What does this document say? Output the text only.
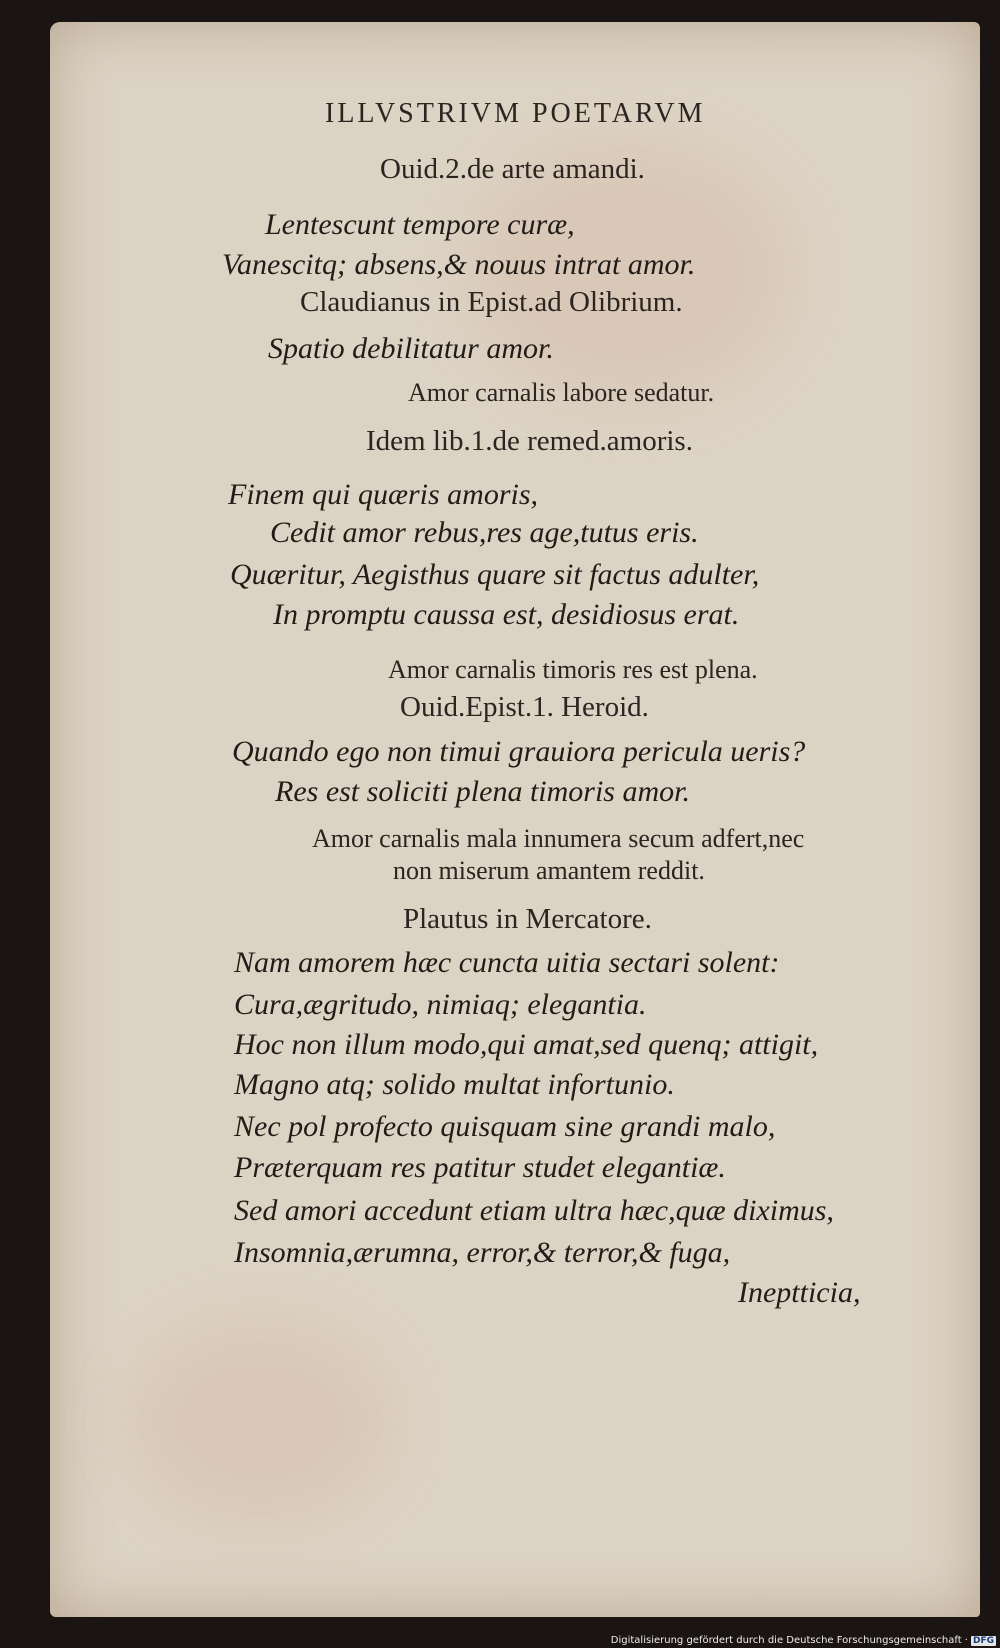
ILLVSTRIVM POETARVM
Ouid.2.de arte amandi.
Lentescunt tempore curæ,
Vanescitq; absens,& nouus intrat amor.
Claudianus in Epist.ad Olibrium.
Spatio debilitatur amor.
Amor carnalis labore sedatur.
Idem lib.1.de remed.amoris.
Finem qui quæris amoris,
Cedit amor rebus,res age,tutus eris.
Quæritur, Aegisthus quare sit factus adulter,
In promptu caussa est, desidiosus erat.
Amor carnalis timoris res est plena.
Ouid.Epist.1. Heroid.
Quando ego non timui grauiora pericula ueris?
Res est soliciti plena timoris amor.
Amor carnalis mala innumera secum adfert,nec
non miserum amantem reddit.
Plautus in Mercatore.
Nam amorem hæc cuncta uitia sectari solent:
Cura,ægritudo, nimiaq; elegantia.
Hoc non illum modo,qui amat,sed quenq; attigit,
Magno atq; solido multat infortunio.
Nec pol profecto quisquam sine grandi malo,
Præterquam res patitur studet elegantiæ.
Sed amori accedunt etiam ultra hæc,quæ diximus,
Insomnia,ærumna, error,& terror,& fuga,
Ineptticia,
Digitalisierung gefördert durch die Deutsche Forschungsgemeinschaft · DFG
